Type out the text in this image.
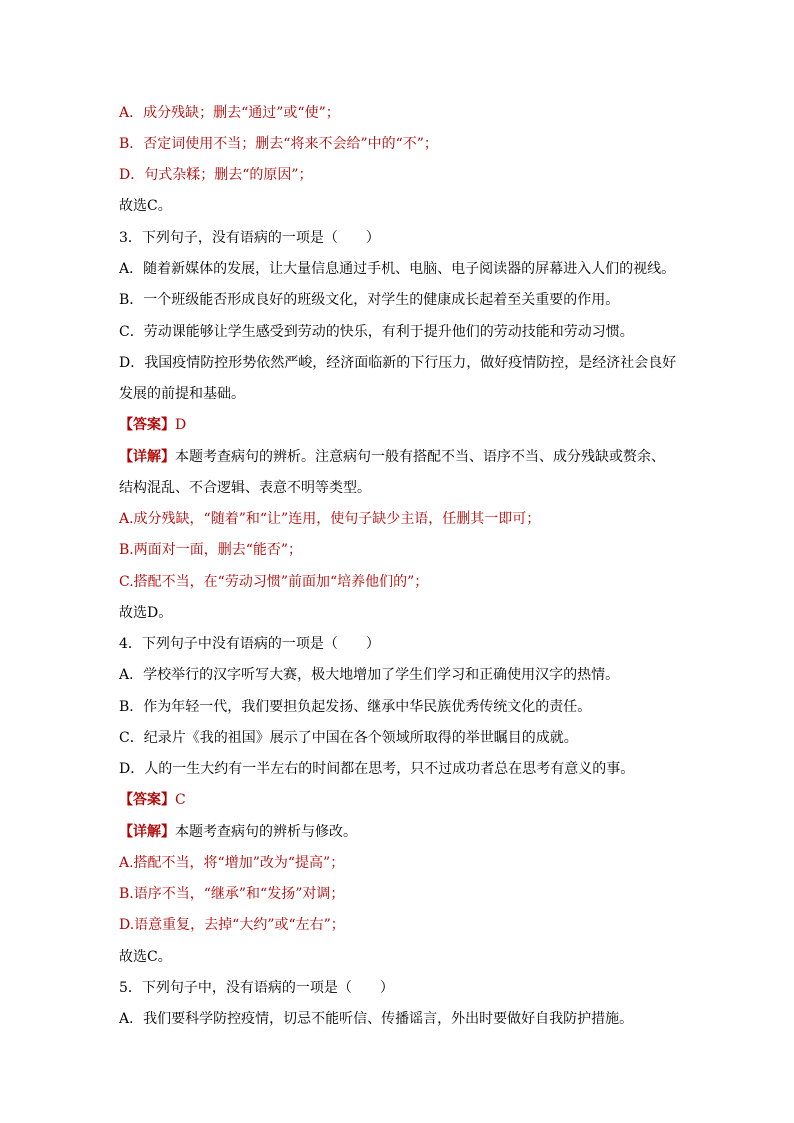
A．成分残缺；删去“通过”或“使”；
B．否定词使用不当；删去“将来不会给”中的“不”；
D．句式杂糅；删去“的原因”；
故选C。
3．下列句子，没有语病的一项是（　　）
A．随着新媒体的发展，让大量信息通过手机、电脑、电子阅读器的屏幕进入人们的视线。
B．一个班级能否形成良好的班级文化，对学生的健康成长起着至关重要的作用。
C．劳动课能够让学生感受到劳动的快乐，有利于提升他们的劳动技能和劳动习惯。
D．我国疫情防控形势依然严峻，经济面临新的下行压力，做好疫情防控，是经济社会良好
发展的前提和基础。
【答案】D
【详解】本题考查病句的辨析。注意病句一般有搭配不当、语序不当、成分残缺或赘余、
结构混乱、不合逻辑、表意不明等类型。
A.成分残缺，“随着”和“让”连用，使句子缺少主语，任删其一即可；
B.两面对一面，删去“能否”；
C.搭配不当，在“劳动习惯”前面加“培养他们的”；
故选D。
4．下列句子中没有语病的一项是（　　）
A．学校举行的汉字听写大赛，极大地增加了学生们学习和正确使用汉字的热情。
B．作为年轻一代，我们要担负起发扬、继承中华民族优秀传统文化的责任。
C．纪录片《我的祖国》展示了中国在各个领域所取得的举世瞩目的成就。
D．人的一生大约有一半左右的时间都在思考，只不过成功者总在思考有意义的事。
【答案】C
【详解】本题考查病句的辨析与修改。
A.搭配不当，将“增加”改为“提高”；
B.语序不当，“继承”和“发扬”对调；
D.语意重复，去掉“大约”或“左右”；
故选C。
5．下列句子中，没有语病的一项是（　　）
A．我们要科学防控疫情，切忌不能听信、传播谣言，外出时要做好自我防护措施。
